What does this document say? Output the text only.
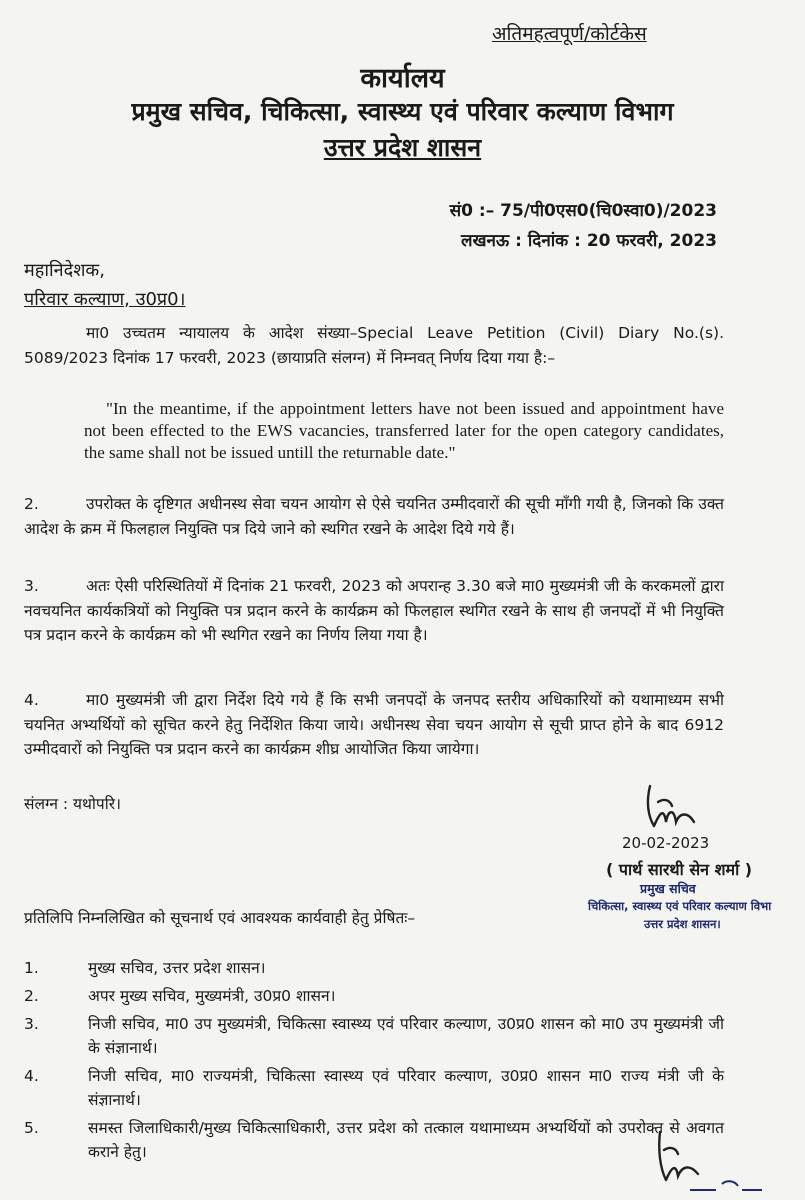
अतिमहत्वपूर्ण/कोर्टकेस
कार्यालय
प्रमुख सचिव, चिकित्सा, स्वास्थ्य एवं परिवार कल्याण विभाग
उत्तर प्रदेश शासन
सं0 :– 75/पी0एस0(चि0स्वा0)/2023
लखनऊ : दिनांक : 20 फरवरी, 2023
महानिदेशक,
परिवार कल्याण, उ0प्र0।
मा0 उच्चतम न्यायालय के आदेश संख्या–Special Leave Petition (Civil) Diary No.(s). 5089/2023 दिनांक 17 फरवरी, 2023 (छायाप्रति संलग्न) में निम्नवत् निर्णय दिया गया है:–
"In the meantime, if the appointment letters have not been issued and appointment have not been effected to the EWS vacancies, transferred later for the open category candidates, the same shall not be issued untill the returnable date."
2.	उपरोक्त के दृष्टिगत अधीनस्थ सेवा चयन आयोग से ऐसे चयनित उम्मीदवारों की सूची माँगी गयी है, जिनको कि उक्त आदेश के क्रम में फिलहाल नियुक्ति पत्र दिये जाने को स्थगित रखने के आदेश दिये गये हैं।
3.	अतः ऐसी परिस्थितियों में दिनांक 21 फरवरी, 2023 को अपरान्ह 3.30 बजे मा0 मुख्यमंत्री जी के करकमलों द्वारा नवचयनित कार्यकत्रियों को नियुक्ति पत्र प्रदान करने के कार्यक्रम को फिलहाल स्थगित रखने के साथ ही जनपदों में भी नियुक्ति पत्र प्रदान करने के कार्यक्रम को भी स्थगित रखने का निर्णय लिया गया है।
4.	मा0 मुख्यमंत्री जी द्वारा निर्देश दिये गये हैं कि सभी जनपदों के जनपद स्तरीय अधिकारियों को यथामाध्यम सभी चयनित अभ्यर्थियों को सूचित करने हेतु निर्देशित किया जाये। अधीनस्थ सेवा चयन आयोग से सूची प्राप्त होने के बाद 6912 उम्मीदवारों को नियुक्ति पत्र प्रदान करने का कार्यक्रम शीघ्र आयोजित किया जायेगा।
संलग्न : यथोपरि।
20-02-2023
( पार्थ सारथी सेन शर्मा )
प्रमुख सचिव
चिकित्सा, स्वास्थ्य एवं परिवार कल्याण विभा
उत्तर प्रदेश शासन।
प्रतिलिपि निम्नलिखित को सूचनार्थ एवं आवश्यक कार्यवाही हेतु प्रेषितः–
1.	मुख्य सचिव, उत्तर प्रदेश शासन।
2.	अपर मुख्य सचिव, मुख्यमंत्री, उ0प्र0 शासन।
3.	निजी सचिव, मा0 उप मुख्यमंत्री, चिकित्सा स्वास्थ्य एवं परिवार कल्याण, उ0प्र0 शासन को मा0 उप मुख्यमंत्री जी के संज्ञानार्थ।
4.	निजी सचिव, मा0 राज्यमंत्री, चिकित्सा स्वास्थ्य एवं परिवार कल्याण, उ0प्र0 शासन मा0 राज्य मंत्री जी के संज्ञानार्थ।
5.	समस्त जिलाधिकारी/मुख्य चिकित्साधिकारी, उत्तर प्रदेश को तत्काल यथामाध्यम अभ्यर्थियों को उपरोक्त से अवगत कराने हेतु।
